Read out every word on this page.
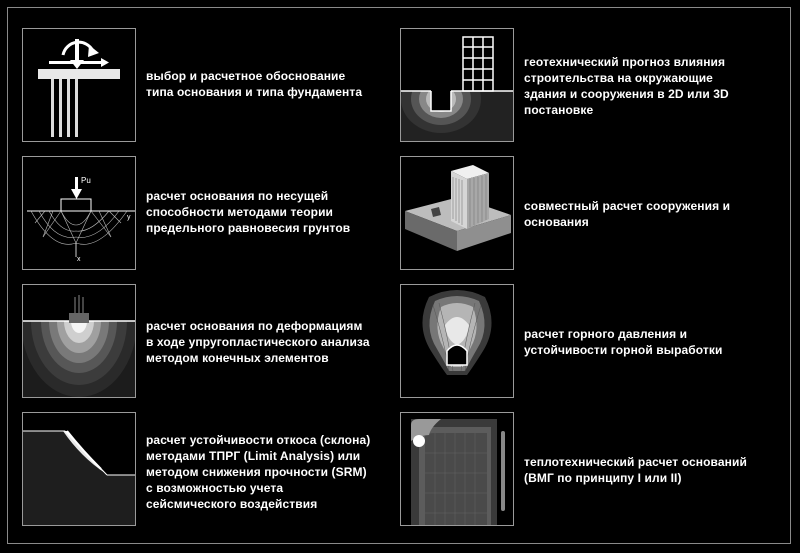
выбор и расчетное обоснование
типа основания и типа фундамента
Pu
y
x
расчет основания по несущей
способности методами теории
предельного равновесия грунтов
расчет основания по деформациям
в ходе упругопластического анализа
методом конечных элементов
расчет устойчивости откоса (склона)
методами ТПРГ (Limit Analysis) или
методом снижения прочности (SRM)
с возможностью учета
сейсмического воздействия
геотехнический прогноз влияния
строительства на окружающие
здания и сооружения в 2D или 3D
постановке
совместный расчет сооружения и
основания
расчет горного давления и
устойчивости горной выработки
теплотехнический расчет оснований
(ВМГ по принципу I или II)
